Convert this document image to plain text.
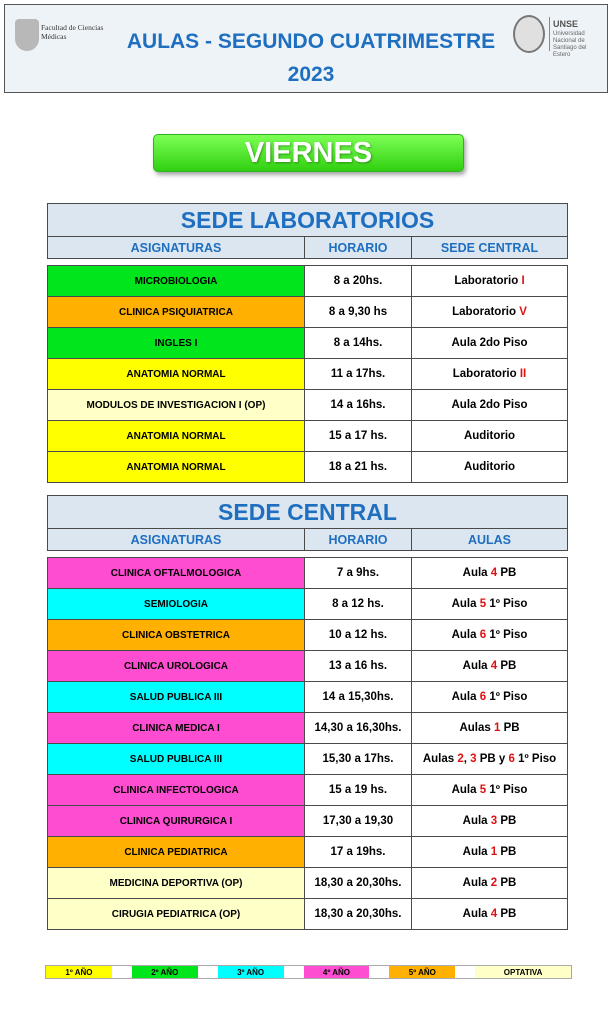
Facultad de Ciencias Médicas	AULAS - SEGUNDO CUATRIMESTRE
2023
UNSE
Universidad Nacional de Santiago del Estero
VIERNES
SEDE LABORATORIOS		
ASIGNATURAS	HORARIO	SEDE CENTRAL

MICROBIOLOGIA	8 a 20hs.	Laboratorio I
CLINICA PSIQUIATRICA	8 a 9,30 hs	Laboratorio V
INGLES I	8 a 14hs.	Aula 2do Piso
ANATOMIA NORMAL	11 a 17hs.	Laboratorio II
MODULOS DE INVESTIGACION I (OP)	14 a 16hs.	Aula 2do Piso
ANATOMIA NORMAL	15 a 17 hs.	Auditorio
ANATOMIA NORMAL	18 a 21 hs.	Auditorio
SEDE CENTRAL		
ASIGNATURAS	HORARIO	AULAS

CLINICA OFTALMOLOGICA	7 a 9hs.	Aula 4 PB
SEMIOLOGIA	8 a 12 hs.	Aula 5 1º Piso
CLINICA OBSTETRICA	10 a 12 hs.	Aula 6 1º Piso
CLINICA UROLOGICA	13 a 16 hs.	Aula 4 PB
SALUD PUBLICA III	14 a 15,30hs.	Aula 6 1º Piso
CLINICA MEDICA I	14,30 a 16,30hs.	Aulas 1 PB
SALUD PUBLICA III	15,30 a 17hs.	Aulas 2, 3 PB y 6 1º Piso
CLINICA INFECTOLOGICA	15 a 19 hs.	Aula 5 1º Piso
CLINICA QUIRURGICA I	17,30 a 19,30	Aula 3 PB
CLINICA PEDIATRICA	17 a 19hs.	Aula 1 PB
MEDICINA DEPORTIVA (OP)	18,30 a 20,30hs.	Aula 2 PB
CIRUGIA PEDIATRICA (OP)	18,30 a 20,30hs.	Aula 4 PB
1º AÑO	2º AÑO	3º AÑO	4º AÑO	5º AÑO	OPTATIVA
